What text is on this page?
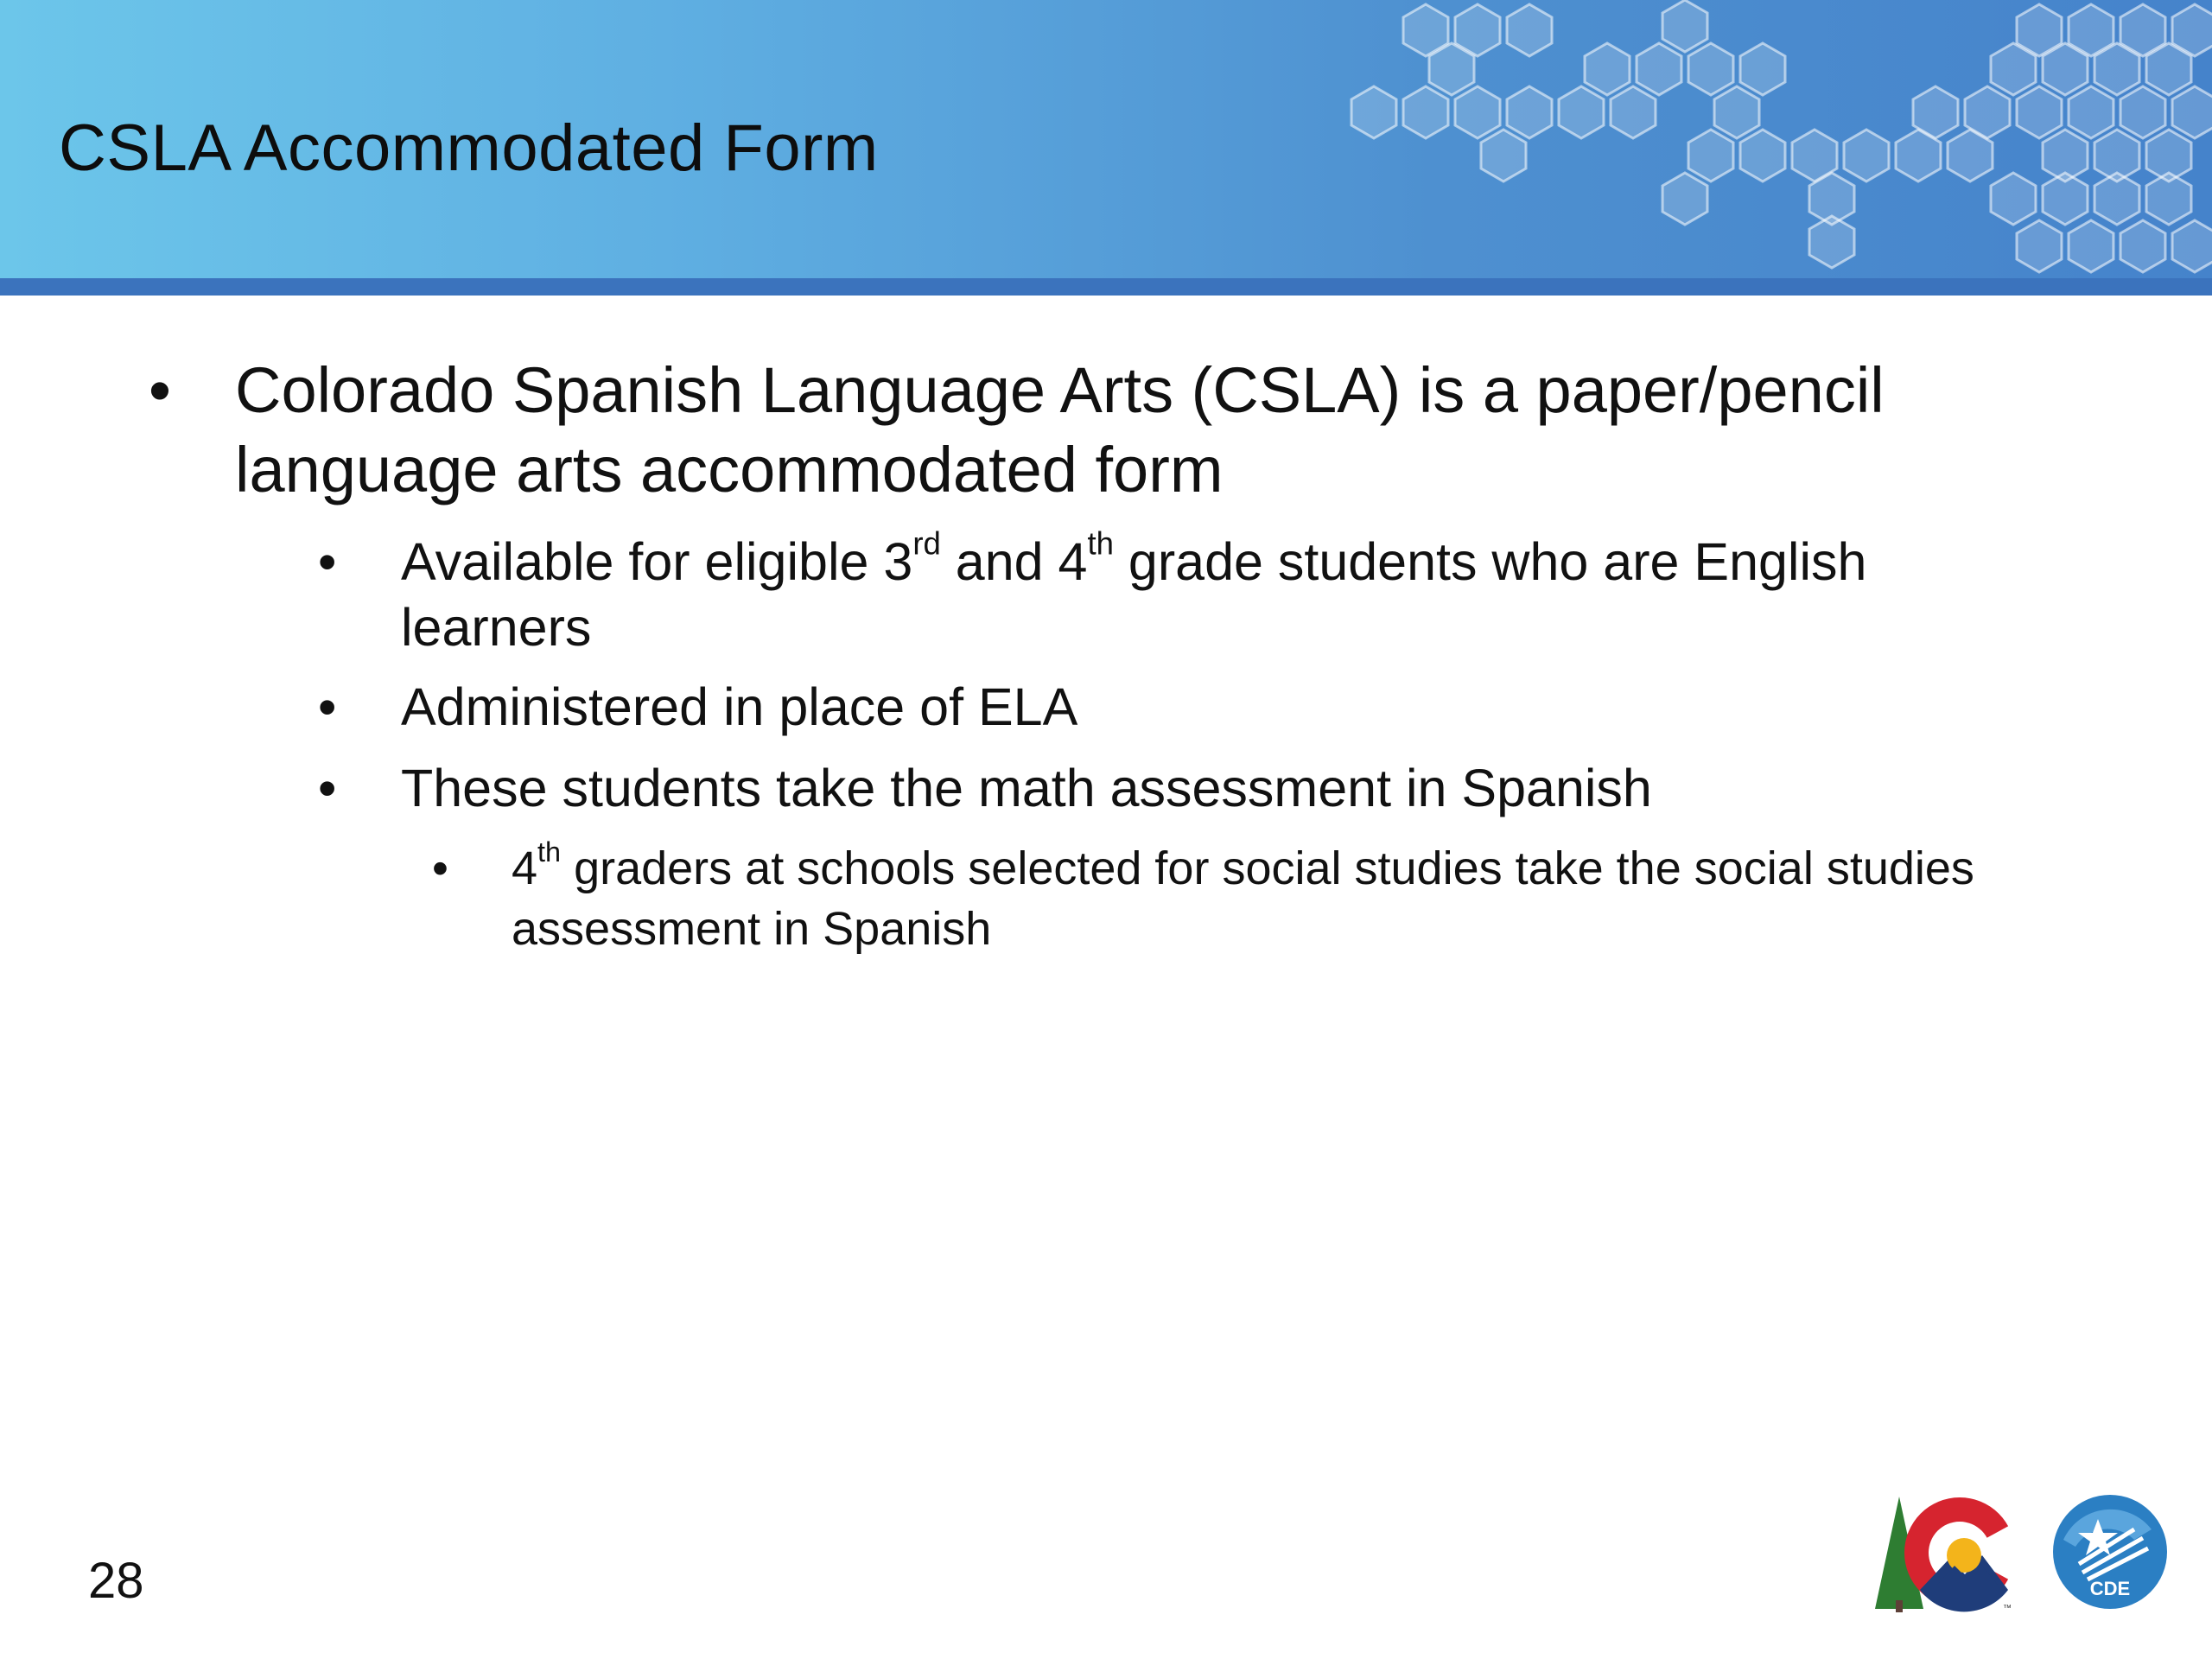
CSLA Accommodated Form

• Colorado Spanish Language Arts (CSLA) is a paper/pencil language arts accommodated form

• Available for eligible 3rd and 4th grade students who are English learners

• Administered in place of ELA

• These students take the math assessment in Spanish

• 4th graders at schools selected for social studies take the social studies assessment in Spanish

28	™
CDE
